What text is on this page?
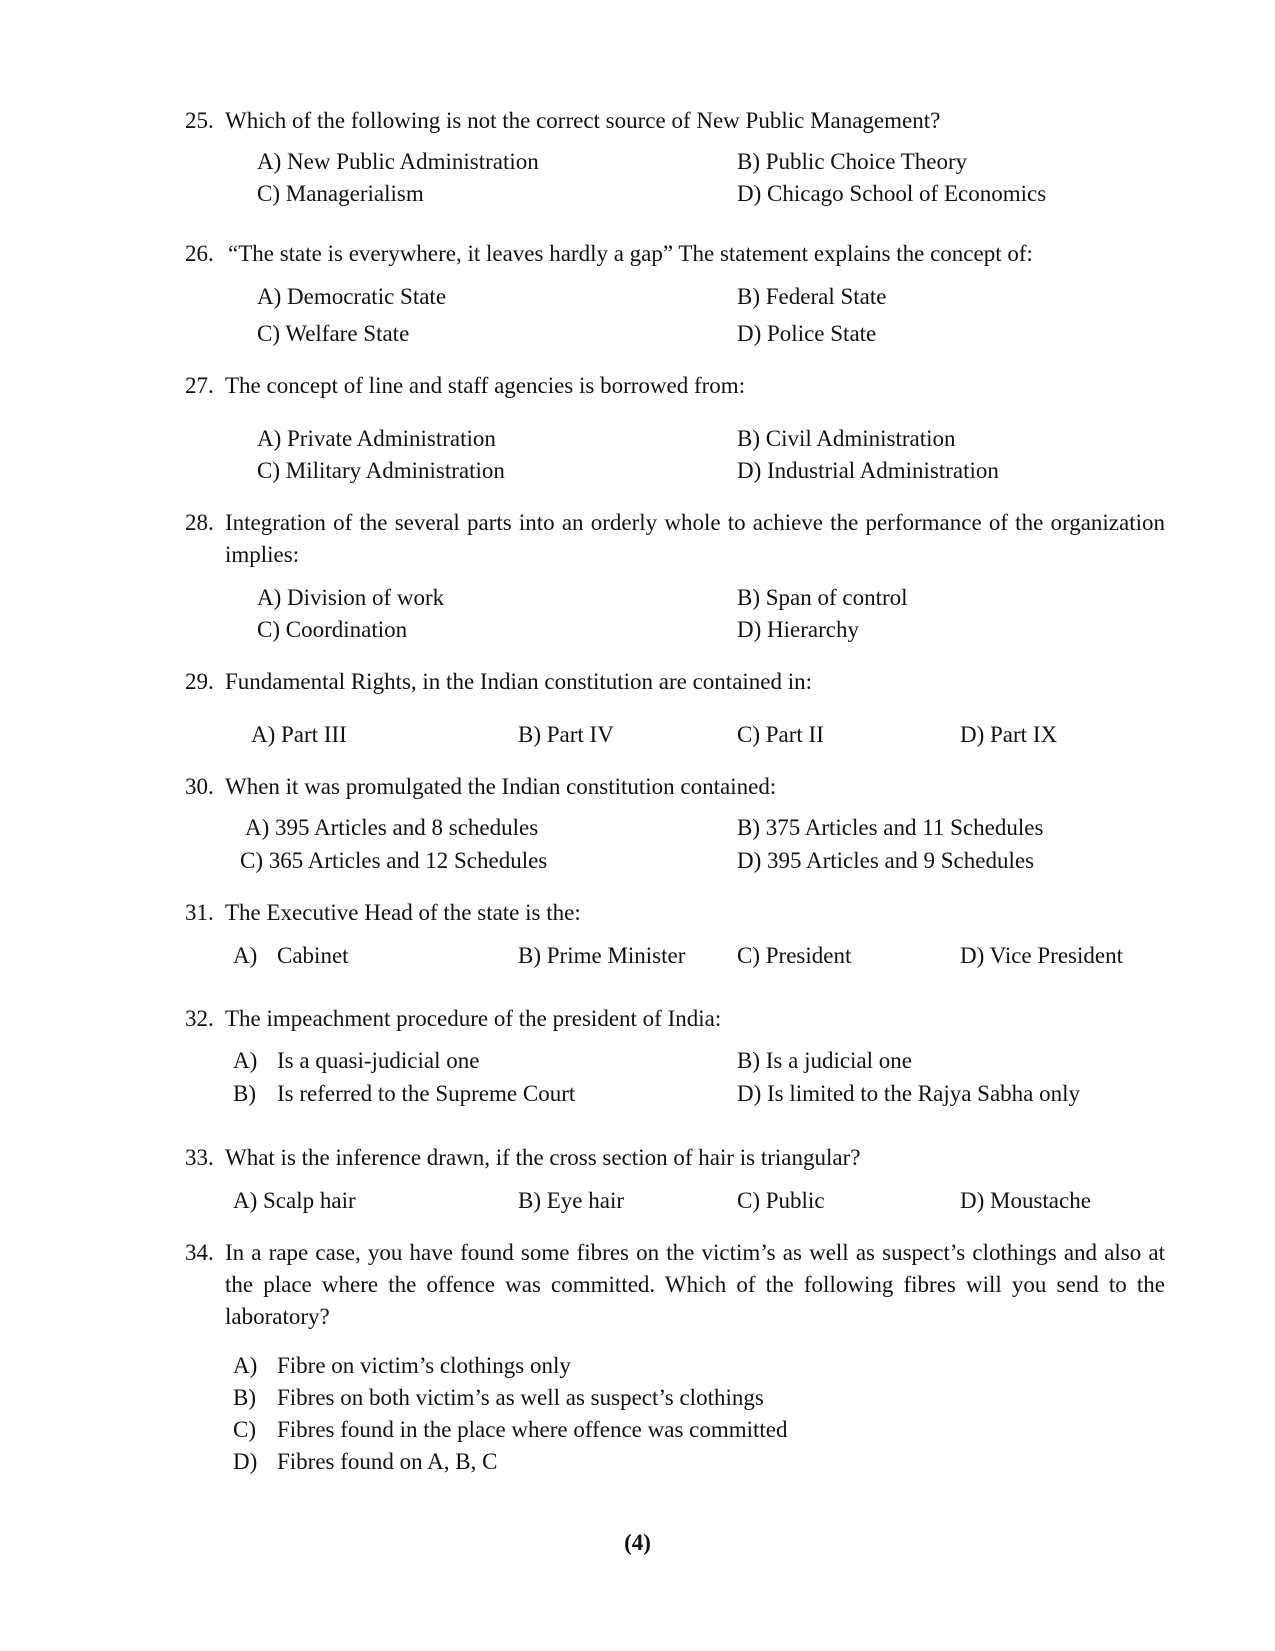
25. Which of the following is not the correct source of New Public Management?
A) New Public Administration	B) Public Choice Theory
C) Managerialism	D) Chicago School of Economics
26. “The state is everywhere, it leaves hardly a gap” The statement explains the concept of:
A) Democratic State	B) Federal State
C) Welfare State	D) Police State
27. The concept of line and staff agencies is borrowed from:
A) Private Administration	B) Civil Administration
C) Military Administration	D) Industrial Administration
28. Integration of the several parts into an orderly whole to achieve the performance of the organization implies:
A) Division of work	B) Span of control
C) Coordination	D) Hierarchy
29. Fundamental Rights, in the Indian constitution are contained in:
A) Part III	B) Part IV	C) Part II	D) Part IX
30. When it was promulgated the Indian constitution contained:
A) 395 Articles and 8 schedules	B) 375 Articles and 11 Schedules
C) 365 Articles and 12 Schedules	D) 395 Articles and 9 Schedules
31. The Executive Head of the state is the:
A) Cabinet	B) Prime Minister C) President	D) Vice President
32. The impeachment procedure of the president of India:
A) Is a quasi-judicial one	B) Is a judicial one
B) Is referred to the Supreme Court	D) Is limited to the Rajya Sabha only
33. What is the inference drawn, if the cross section of hair is triangular?
A) Scalp hair	B) Eye hair	C) Public	D) Moustache
34. In a rape case, you have found some fibres on the victim’s as well as suspect’s clothings and also at the place where the offence was committed. Which of the following fibres will you send to the laboratory?
A) Fibre on victim’s clothings only
B) Fibres on both victim’s as well as suspect’s clothings
C) Fibres found in the place where offence was committed
D) Fibres found on A, B, C
(4)
